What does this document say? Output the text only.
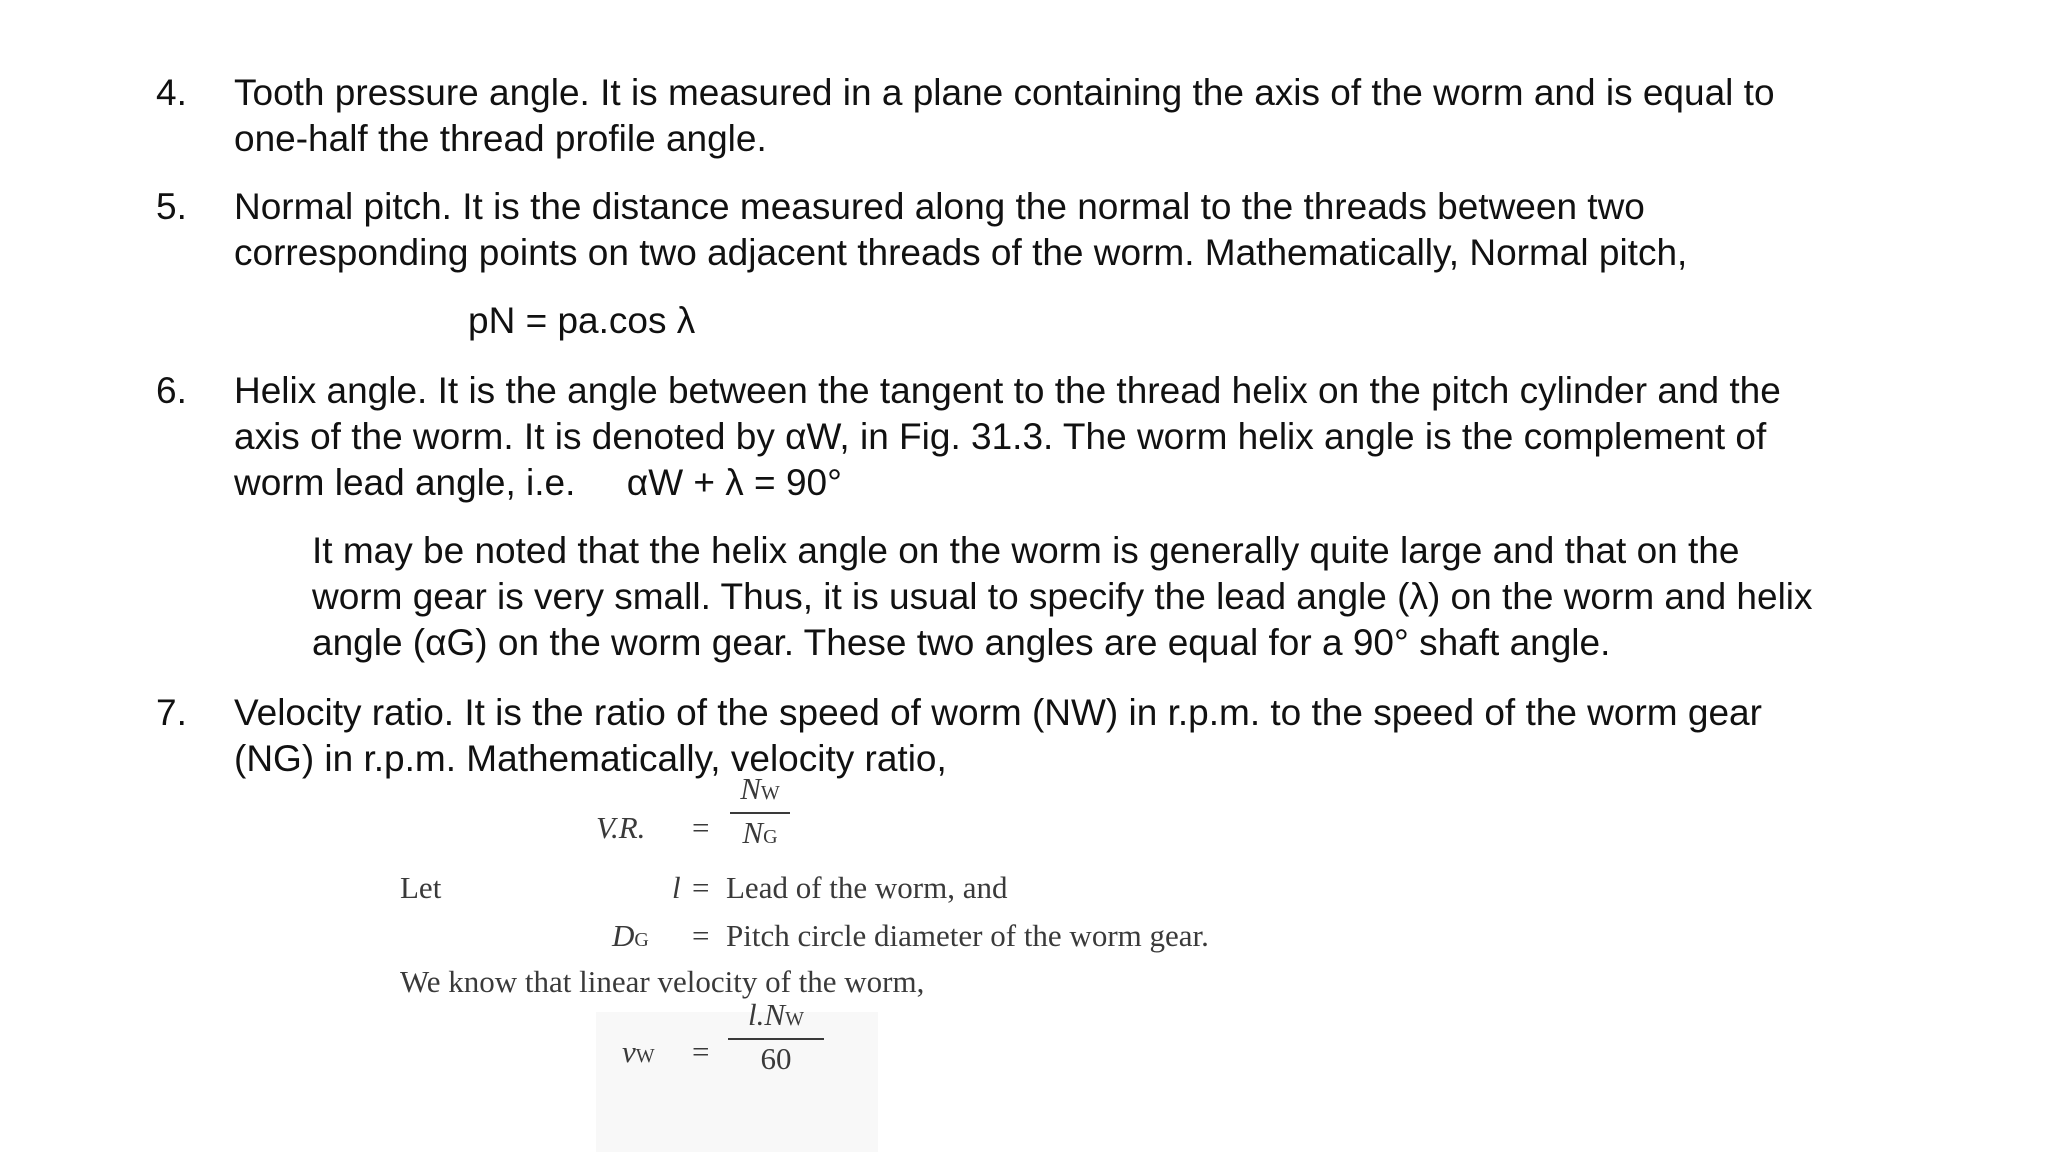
4. Tooth pressure angle. It is measured in a plane containing the axis of the worm and is equal to
one-half the thread profile angle.
5. Normal pitch. It is the distance measured along the normal to the threads between two
corresponding points on two adjacent threads of the worm. Mathematically, Normal pitch,
pN = pa.cos λ
6. Helix angle. It is the angle between the tangent to the thread helix on the pitch cylinder and the
axis of the worm. It is denoted by αW, in Fig. 31.3. The worm helix angle is the complement of
worm lead angle, i.e.     αW + λ = 90°
It may be noted that the helix angle on the worm is generally quite large and that on the
worm gear is very small. Thus, it is usual to specify the lead angle (λ) on the worm and helix
angle (αG) on the worm gear. These two angles are equal for a 90° shaft angle.
7. Velocity ratio. It is the ratio of the speed of worm (NW) in r.p.m. to the speed of the worm gear
(NG) in r.p.m. Mathematically, velocity ratio,
V.R. =
NW
NG
Let	l = Lead of the worm, and
DG = Pitch circle diameter of the worm gear.
We know that linear velocity of the worm,
vW =
l.NW
60
